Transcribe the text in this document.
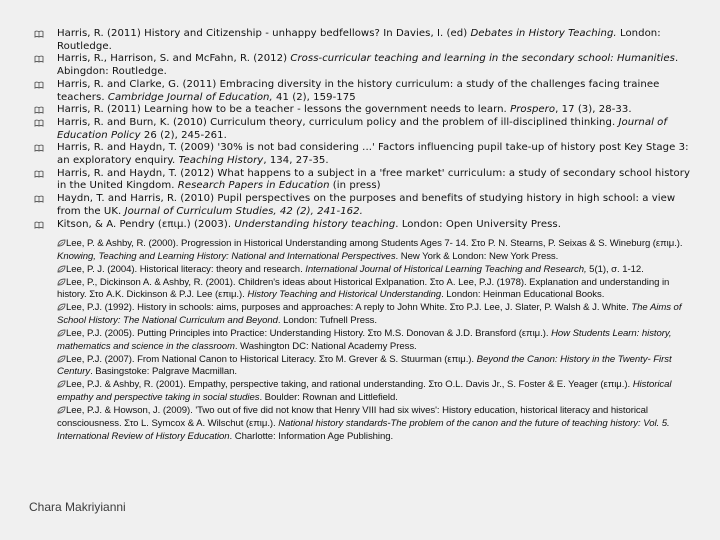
Harris, R. (2011) History and Citizenship - unhappy bedfellows? In Davies, I. (ed) Debates in History Teaching. London: Routledge.
Harris, R., Harrison, S. and McFahn, R. (2012) Cross-curricular teaching and learning in the secondary school: Humanities. Abingdon: Routledge.
Harris, R. and Clarke, G. (2011) Embracing diversity in the history curriculum: a study of the challenges facing trainee teachers. Cambridge Journal of Education, 41 (2), 159-175
Harris, R. (2011) Learning how to be a teacher - lessons the government needs to learn. Prospero, 17 (3), 28-33.
Harris, R. and Burn, K. (2010) Curriculum theory, curriculum policy and the problem of ill-disciplined thinking. Journal of Education Policy 26 (2), 245-261.
Harris, R. and Haydn, T. (2009) '30% is not bad considering ...' Factors influencing pupil take-up of history post Key Stage 3: an exploratory enquiry. Teaching History, 134, 27-35.
Harris, R. and Haydn, T. (2012) What happens to a subject in a 'free market' curriculum: a study of secondary school history in the United Kingdom. Research Papers in Education (in press)
Haydn, T. and Harris, R. (2010) Pupil perspectives on the purposes and benefits of studying history in high school: a view from the UK. Journal of Curriculum Studies, 42 (2), 241-162.
Kitson, & A. Pendry (επιμ.) (2003). Understanding history teaching. London: Open University Press.
Lee, P. & Ashby, R. (2000). Progression in Historical Understanding among Students Ages 7- 14. Στο P. N. Stearns, P. Seixas & S. Wineburg (επιμ.). Knowing, Teaching and Learning History: National and International Perspectives. New York & London: New York Press.
Lee, P. J. (2004). Historical literacy: theory and research. International Journal of Historical Learning Teaching and Research, 5(1), σ. 1-12.
Lee, P., Dickinson A. & Ashby, R. (2001). Children's ideas about Historical Exlpanation. Στο A. Lee, P.J. (1978). Explanation and understanding in history. Στο A.K. Dickinson & P.J. Lee (επιμ.). History Teaching and Historical Understanding. London: Heinman Educational Books.
Lee, P.J. (1992). History in schools: aims, purposes and approaches: A reply to John White. Στο P.J. Lee, J. Slater, P. Walsh & J. White. The Aims of School History: The National Curriculum and Beyond. London: Tufnell Press.
Lee, P.J. (2005). Putting Principles into Practice: Understanding History. Στο M.S. Donovan & J.D. Bransford (επιμ.). How Students Learn: history, mathematics and science in the classroom. Washington DC: National Academy Press.
Lee, P.J. (2007). From National Canon to Historical Literacy. Στο M. Grever & S. Stuurman (επιμ.). Beyond the Canon: History in the Twenty- First Century. Basingstoke: Palgrave Macmillan.
Lee, P.J. & Ashby, R. (2001). Empathy, perspective taking, and rational understanding. Στο O.L. Davis Jr., S. Foster & E. Yeager (επιμ.). Historical empathy and perspective taking in social studies. Boulder: Rownan and Littlefield.
Lee, P.J. & Howson, J. (2009). 'Two out of five did not know that Henry VIII had six wives': History education, historical literacy and historical consciousness. Στο L. Symcox & A. Wilschut (επιμ.). National history standards-The problem of the canon and the future of teaching history: Vol. 5. International Review of History Education. Charlotte: Information Age Publishing.
Chara Makriyianni
